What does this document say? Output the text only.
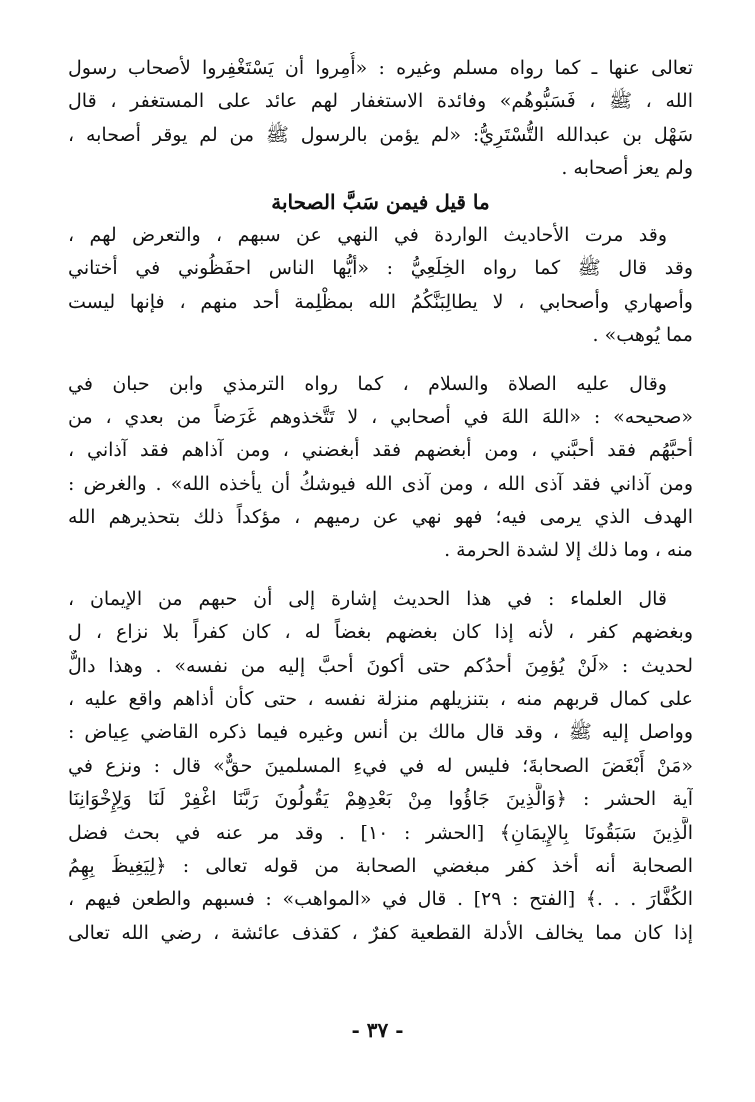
تعالى عنها ـ كما رواه مسلم وغيره : «أُمِروا أن يَسْتَغْفِروا لأصحاب رسول
الله ، ﷺ ، فَسَبُّوهُم» وفائدة الاستغفار لهم عائد على المستغفر ، قال
سَهْل بن عبدالله التُّسْتَرِيُّ: «لم يؤمن بالرسول ﷺ من لم يوقر أصحابه ،
ولم يعز أصحابه .
ما قيل فيمن سَبَّ الصحابة
وقد مرت الأحاديث الواردة في النهي عن سبهم ، والتعرض لهم ،
وقد قال ﷺ كما رواه الخِلَعِيُّ : «أيُّها الناس احفَظُوني في أختاني
وأصهاري وأصحابي ، لا يطالِبَنَّكُمُ الله بمظْلِمة أحد منهم ، فإنها ليست
مما يُوهب» .
وقال عليه الصلاة والسلام ، كما رواه الترمذي وابن حبان في
«صحيحه» : «اللهَ اللهَ في أصحابي ، لا تَتَّخذوهم غَرَضاً من بعدي ، من
أحبَّهُم فقد أحبَّني ، ومن أبغضهم فقد أبغضني ، ومن آذاهم فقد آذاني ،
ومن آذاني فقد آذى الله ، ومن آذى الله فيوشكُ أن يأخذه الله» . والغرض :
الهدف الذي يرمى فيه؛ فهو نهي عن رميهم ، مؤكداً ذلك بتحذيرهم الله
منه ، وما ذلك إلا لشدة الحرمة .
قال العلماء : في هذا الحديث إشارة إلى أن حبهم من الإيمان ،
وبغضهم كفر ، لأنه إذا كان بغضهم بغضاً له ، كان كفراً بلا نزاع ، ل
لحديث : «لَنْ يُؤمِنَ أحدُكم حتى أكونَ أحبَّ إليه من نفسه» . وهذا دالٌّ
على كمال قربهم منه ، بتنزيلهم منزلة نفسه ، حتى كأن أذاهم واقع عليه ،
وواصل إليه ﷺ ، وقد قال مالك بن أنس وغيره فيما ذكره القاضي عِياض :
«مَنْ أَبْغَضَ الصحابةَ؛ فليس له في فيءِ المسلمينَ حقٌّ» قال : ونزع في
آية الحشر : ﴿وَالَّذِينَ جَاؤُوا مِنْ بَعْدِهِمْ يَقُولُونَ رَبَّنَا اغْفِرْ لَنَا وَلِإِخْوَانِنَا
الَّذِينَ سَبَقُونَا بِالإِيمَانِ﴾ [الحشر : ١٠] . وقد مر عنه في بحث فضل
الصحابة أنه أخذ كفر مبغضي الصحابة من قوله تعالى : ﴿لِيَغِيظَ بِهِمُ
الكُفَّارَ . . .﴾ [الفتح : ٢٩] . قال في «المواهب» : فسبهم والطعن فيهم ،
إذا كان مما يخالف الأدلة القطعية كفرٌ ، كقذف عائشة ، رضي الله تعالى
- ٣٧ -
